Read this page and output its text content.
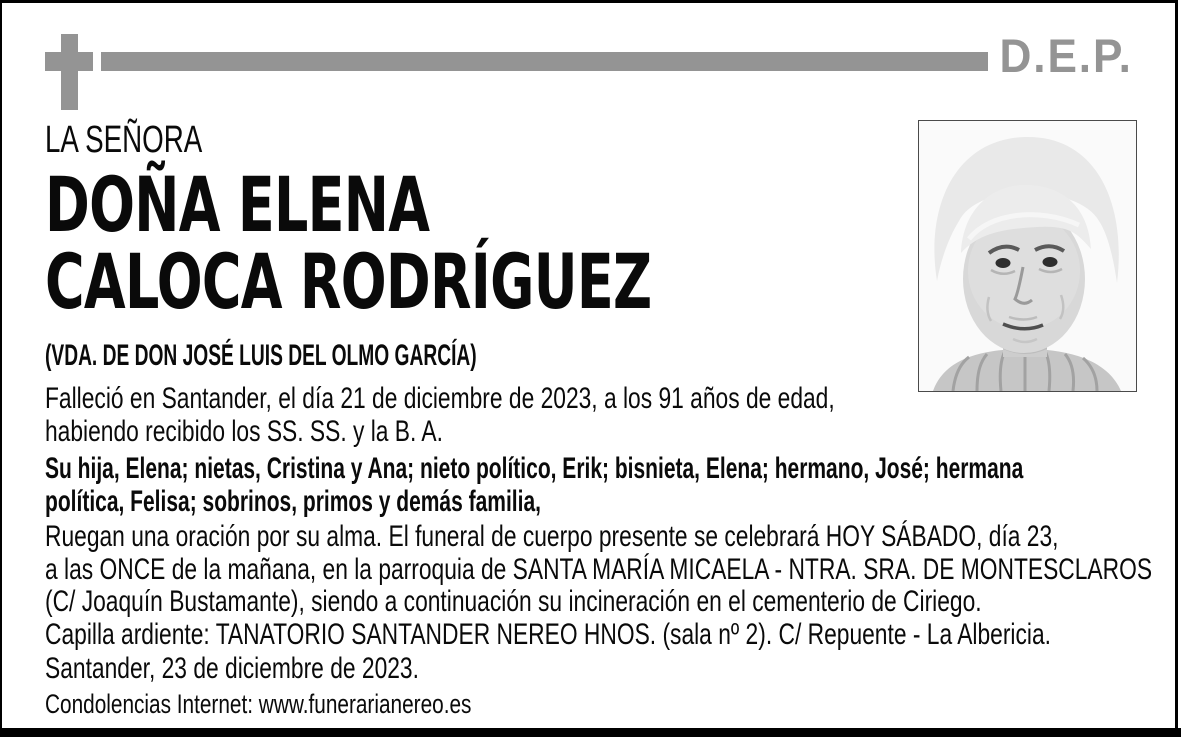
D.E.P.
LA SEÑORA
DOÑA ELENA
CALOCA RODRÍGUEZ
(VDA. DE DON JOSÉ LUIS DEL OLMO GARCÍA)
Falleció en Santander, el día 21 de diciembre de 2023, a los 91 años de edad,
habiendo recibido los SS. SS. y la B. A.
Su hija, Elena; nietas, Cristina y Ana; nieto político, Erik; bisnieta, Elena; hermano, José; hermana
política, Felisa; sobrinos, primos y demás familia,
Ruegan una oración por su alma. El funeral de cuerpo presente se celebrará HOY SÁBADO, día 23,
a las ONCE de la mañana, en la parroquia de SANTA MARÍA MICAELA - NTRA. SRA. DE MONTESCLAROS
(C/ Joaquín Bustamante), siendo a continuación su incineración en el cementerio de Ciriego.
Capilla ardiente: TANATORIO SANTANDER NEREO HNOS. (sala nº 2). C/ Repuente - La Albericia.
Santander, 23 de diciembre de 2023.
Condolencias Internet: www.funerarianereo.es
